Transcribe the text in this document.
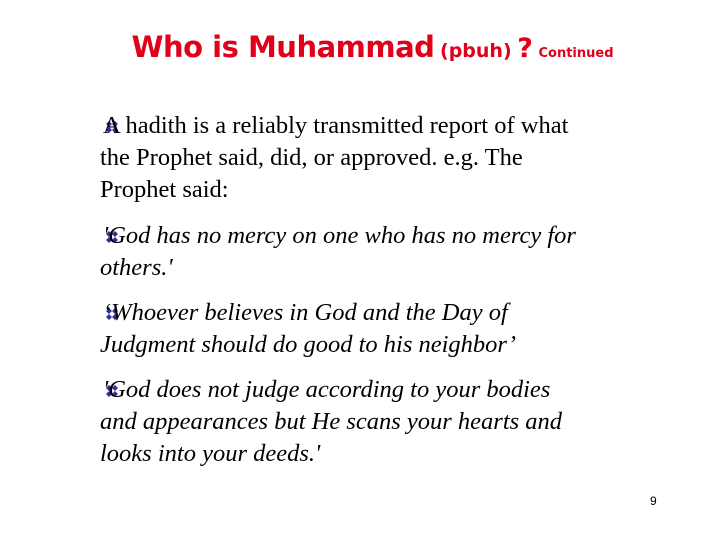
Who is Muhammad (pbuh) ? Continued
A hadith is a reliably transmitted report of what
the Prophet said, did, or approved. e.g. The
Prophet said:
'God has no mercy on one who has no mercy for
others.'
‘Whoever believes in God and the Day of
Judgment should do good to his neighbor’
'God does not judge according to your bodies
and appearances but He scans your hearts and
looks into your deeds.'
9
